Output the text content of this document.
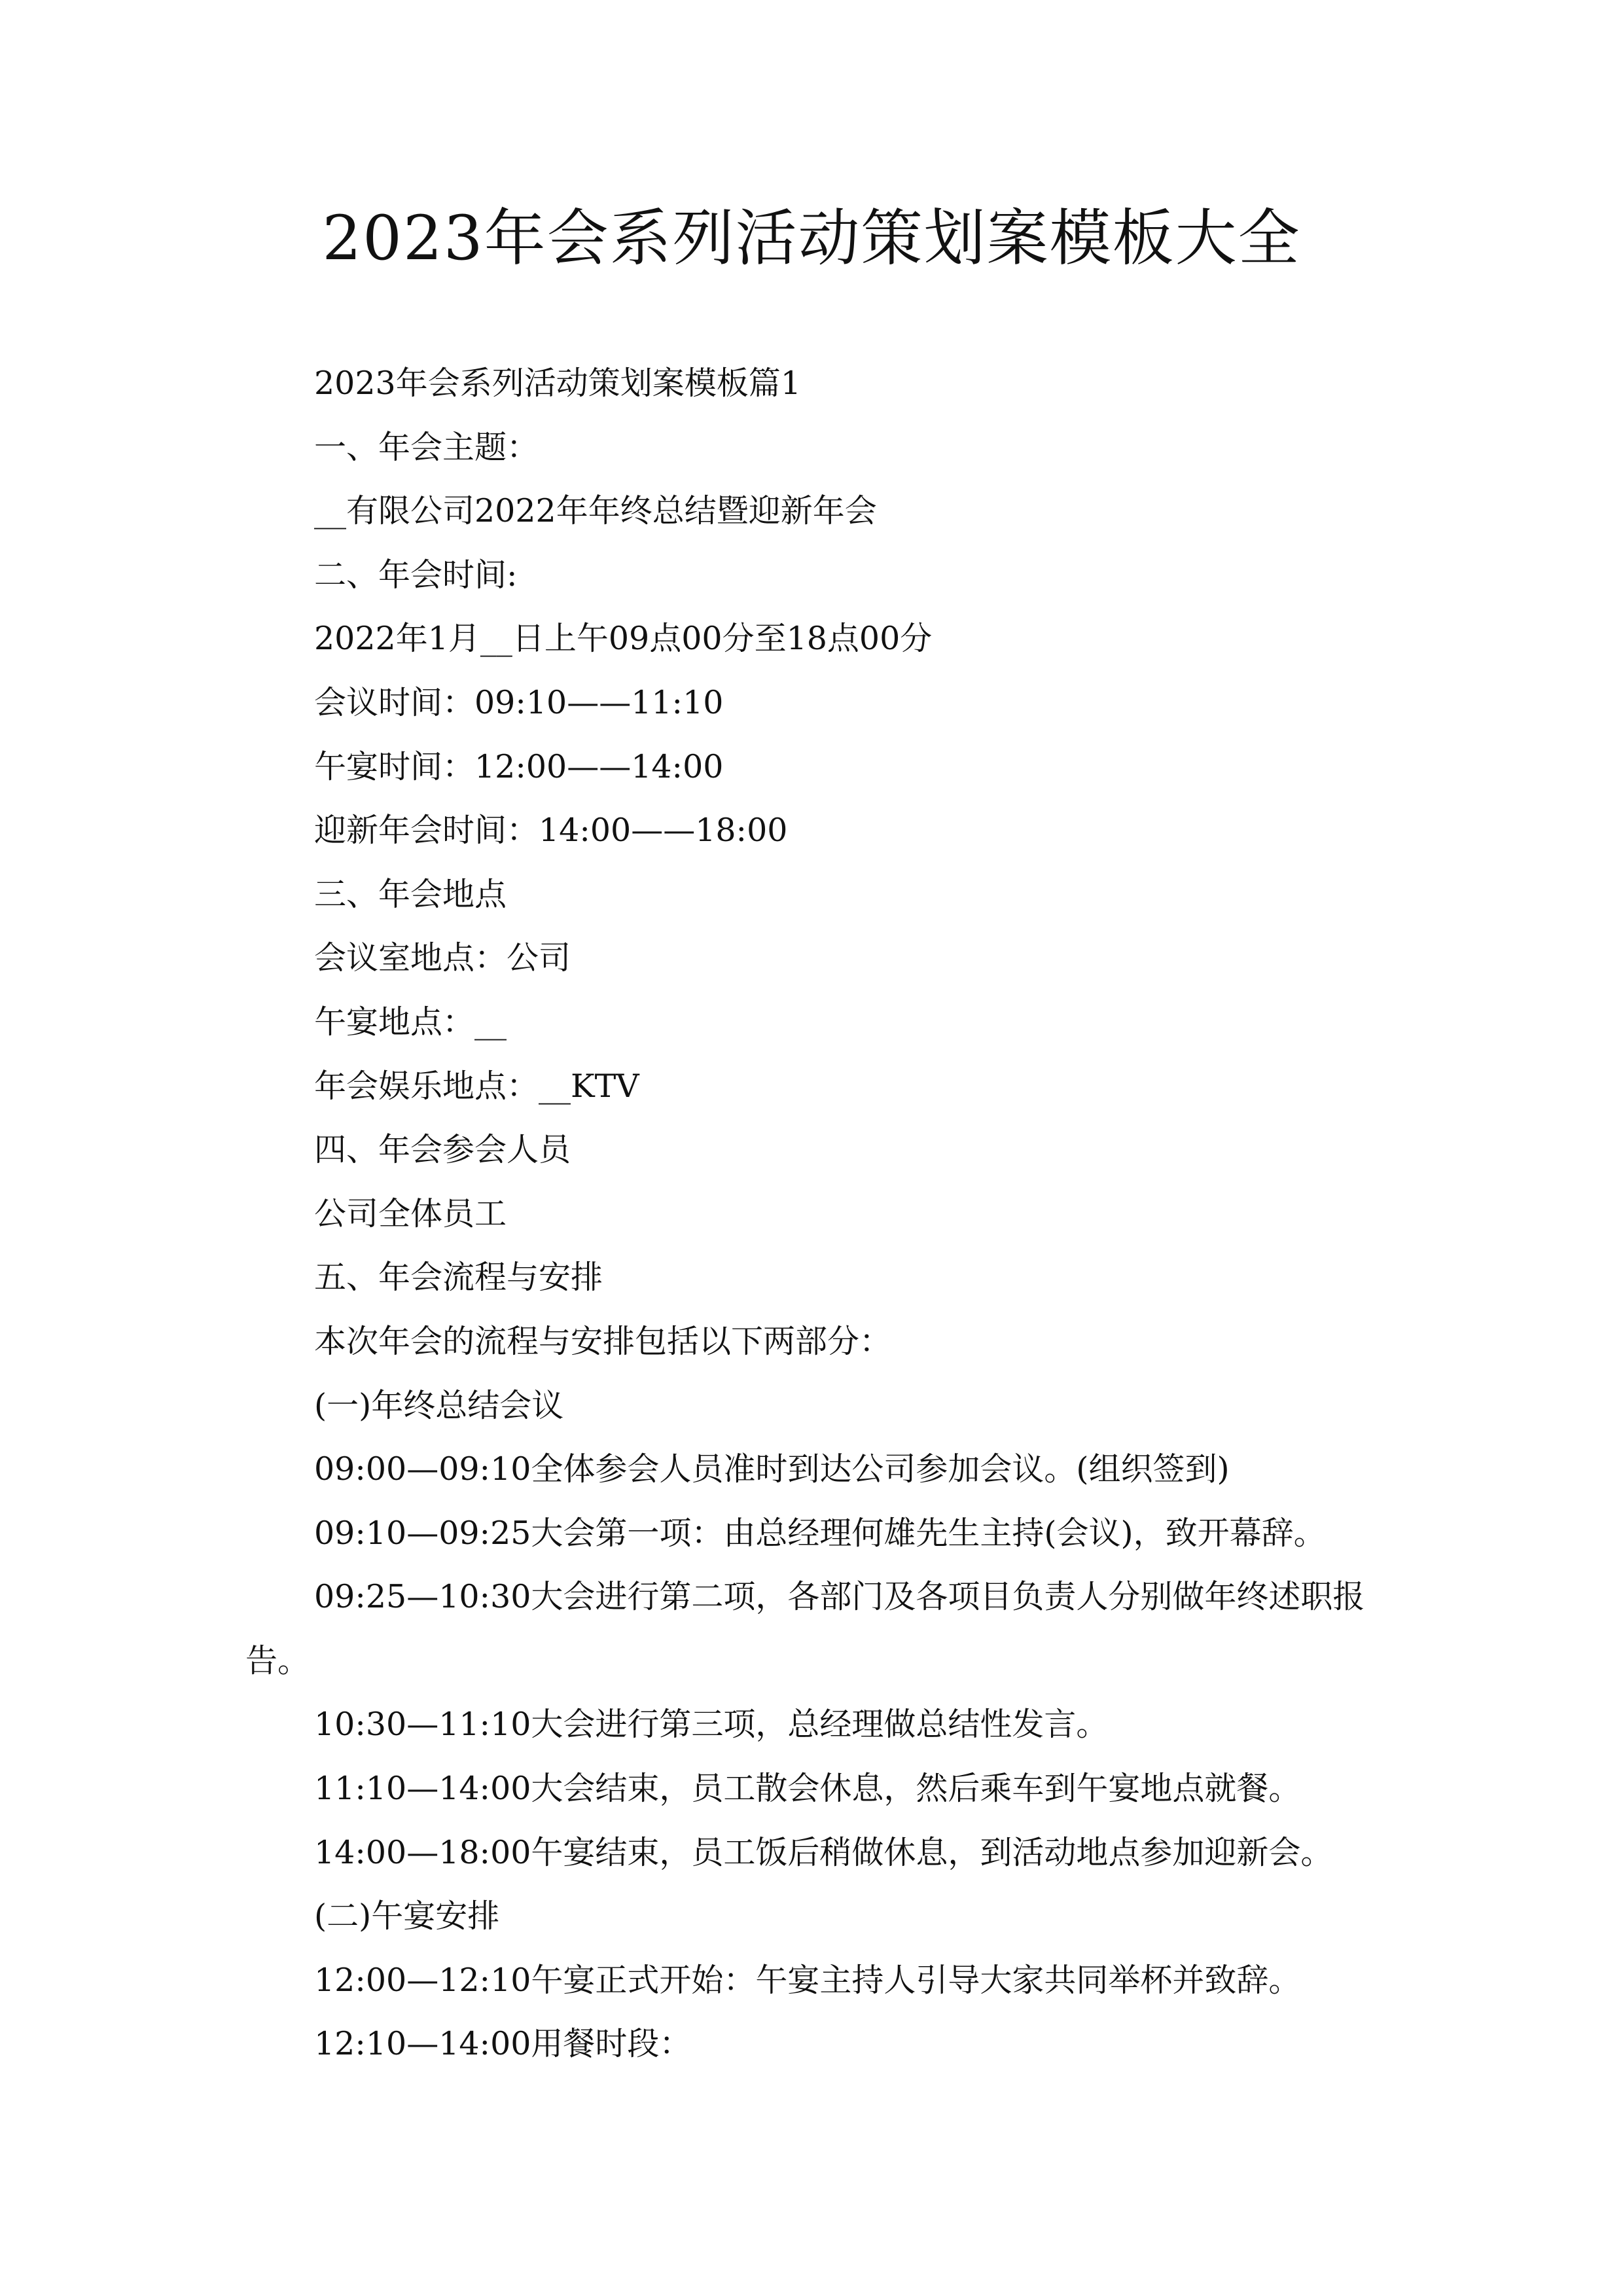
2023年会系列活动策划案模板大全
2023年会系列活动策划案模板篇1
一、年会主题：
__有限公司2022年年终总结暨迎新年会
二、年会时间:
2022年1月__日上午09点00分至18点00分
会议时间：09:10——11:10
午宴时间：12:00——14:00
迎新年会时间：14:00——18:00
三、年会地点
会议室地点：公司
午宴地点：__
年会娱乐地点：__KTV
四、年会参会人员
公司全体员工
五、年会流程与安排
本次年会的流程与安排包括以下两部分：
(一)年终总结会议
09:00—09:10全体参会人员准时到达公司参加会议。(组织签到)
09:10—09:25大会第一项：由总经理何雄先生主持(会议)，致开幕辞。
09:25—10:30大会进行第二项，各部门及各项目负责人分别做年终述职报告。
10:30—11:10大会进行第三项，总经理做总结性发言。
11:10—14:00大会结束，员工散会休息，然后乘车到午宴地点就餐。
14:00—18:00午宴结束，员工饭后稍做休息，到活动地点参加迎新会。
(二)午宴安排
12:00—12:10午宴正式开始：午宴主持人引导大家共同举杯并致辞。
12:10—14:00用餐时段：
